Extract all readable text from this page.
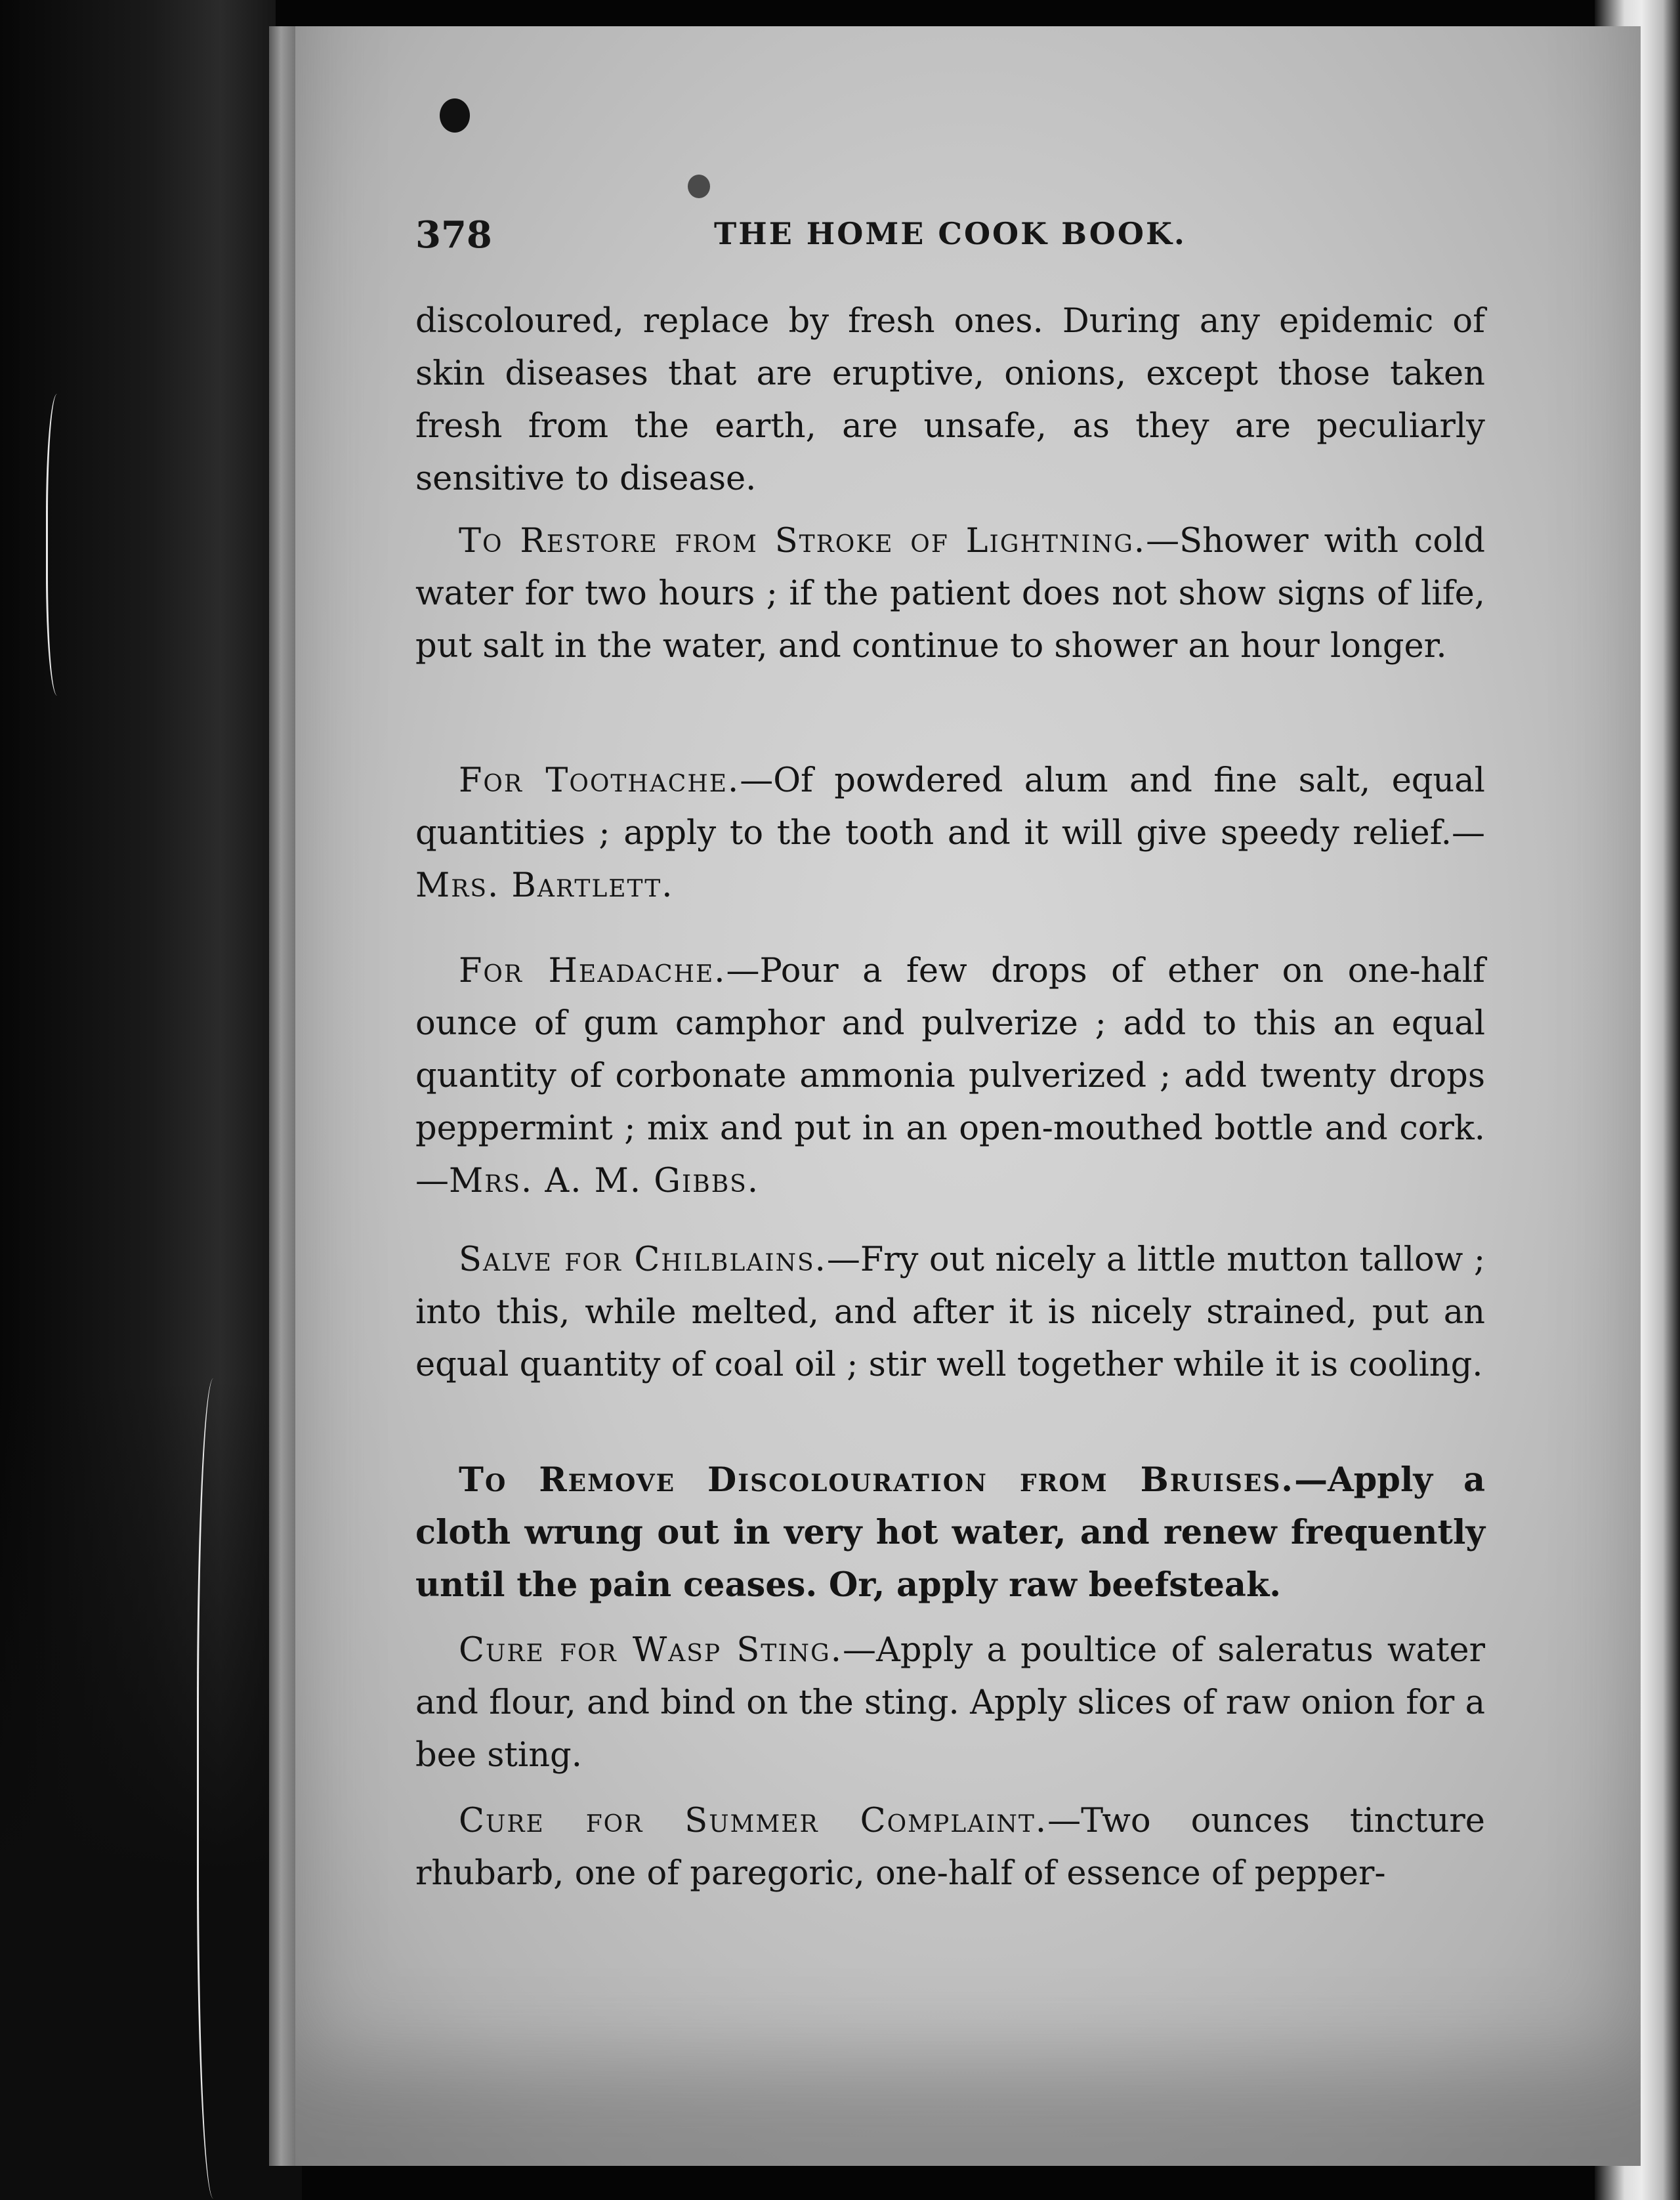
378	THE HOME COOK BOOK.
discoloured, replace by fresh ones. During any epidemic of skin diseases that are eruptive, onions, except those taken fresh from the earth, are unsafe, as they are peculiarly sensitive to disease.
To Restore from Stroke of Lightning.—Shower with cold water for two hours ; if the patient does not show signs of life, put salt in the water, and continue to shower an hour longer.
For Toothache.—Of powdered alum and fine salt, equal quantities ; apply to the tooth and it will give speedy relief.—Mrs. Bartlett.
For Headache.—Pour a few drops of ether on one-half ounce of gum camphor and pulverize ; add to this an equal quantity of corbonate ammonia pulverized ; add twenty drops peppermint ; mix and put in an open-mouthed bottle and cork.—Mrs. A. M. Gibbs.
Salve for Chilblains.—Fry out nicely a little mutton tallow ; into this, while melted, and after it is nicely strained, put an equal quantity of coal oil ; stir well together while it is cooling.
To Remove Discolouration from Bruises.—Apply a cloth wrung out in very hot water, and renew frequently until the pain ceases. Or, apply raw beefsteak.
Cure for Wasp Sting.—Apply a poultice of saleratus water and flour, and bind on the sting. Apply slices of raw onion for a bee sting.
Cure for Summer Complaint.—Two ounces tincture rhubarb, one of paregoric, one-half of essence of pepper-
